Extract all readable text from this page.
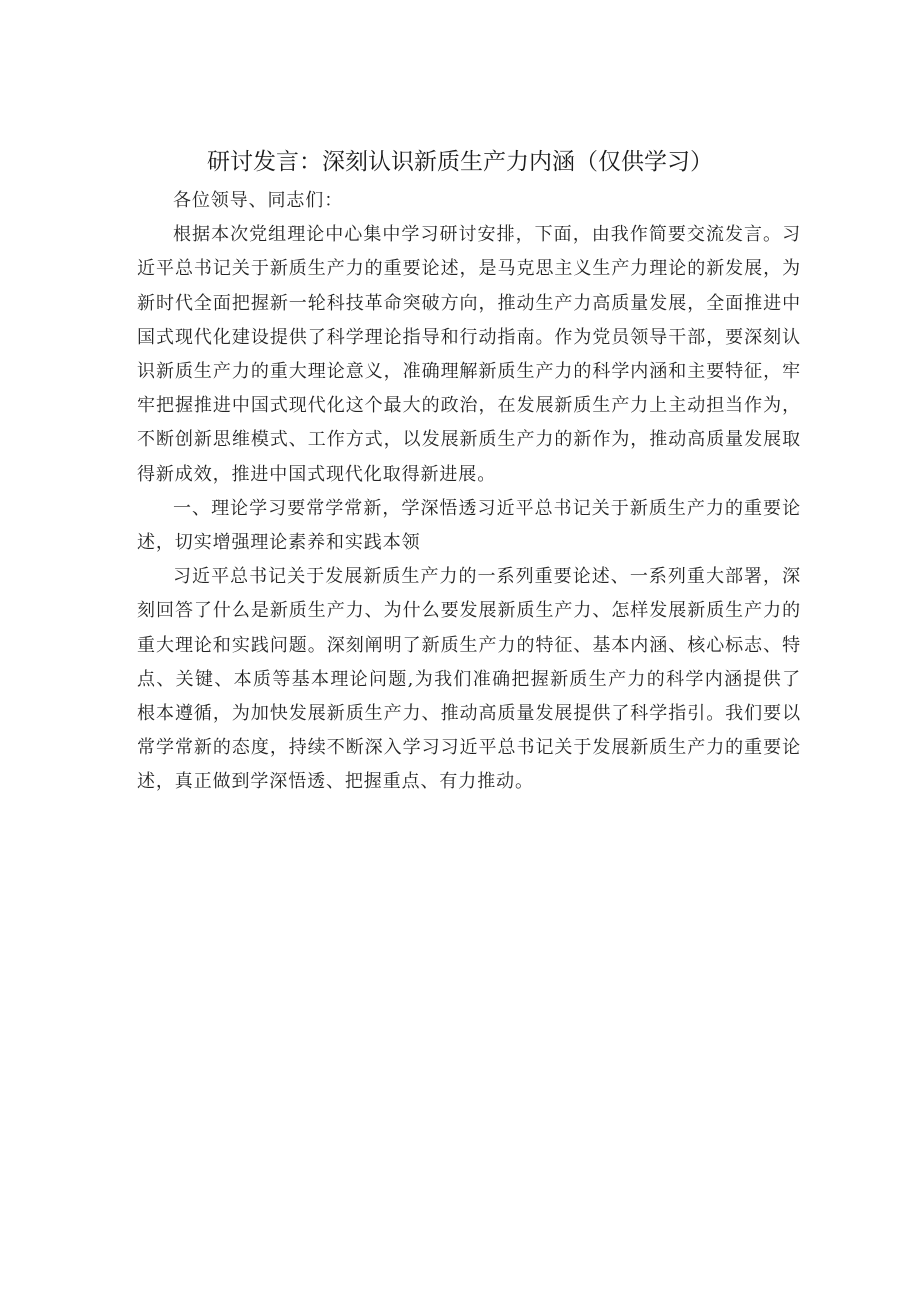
研讨发言：深刻认识新质生产力内涵（仅供学习）

各位领导、同志们：

根据本次党组理论中心集中学习研讨安排，下面，由我作简要交流发言。习近平总书记关于新质生产力的重要论述，是马克思主义生产力理论的新发展，为新时代全面把握新一轮科技革命突破方向，推动生产力高质量发展，全面推进中国式现代化建设提供了科学理论指导和行动指南。作为党员领导干部，要深刻认识新质生产力的重大理论意义，准确理解新质生产力的科学内涵和主要特征，牢牢把握推进中国式现代化这个最大的政治，在发展新质生产力上主动担当作为，不断创新思维模式、工作方式，以发展新质生产力的新作为，推动高质量发展取得新成效，推进中国式现代化取得新进展。

一、理论学习要常学常新，学深悟透习近平总书记关于新质生产力的重要论述，切实增强理论素养和实践本领

习近平总书记关于发展新质生产力的一系列重要论述、一系列重大部署，深刻回答了什么是新质生产力、为什么要发展新质生产力、怎样发展新质生产力的重大理论和实践问题。深刻阐明了新质生产力的特征、基本内涵、核心标志、特点、关键、本质等基本理论问题,为我们准确把握新质生产力的科学内涵提供了根本遵循，为加快发展新质生产力、推动高质量发展提供了科学指引。我们要以常学常新的态度，持续不断深入学习习近平总书记关于发展新质生产力的重要论述，真正做到学深悟透、把握重点、有力推动。
